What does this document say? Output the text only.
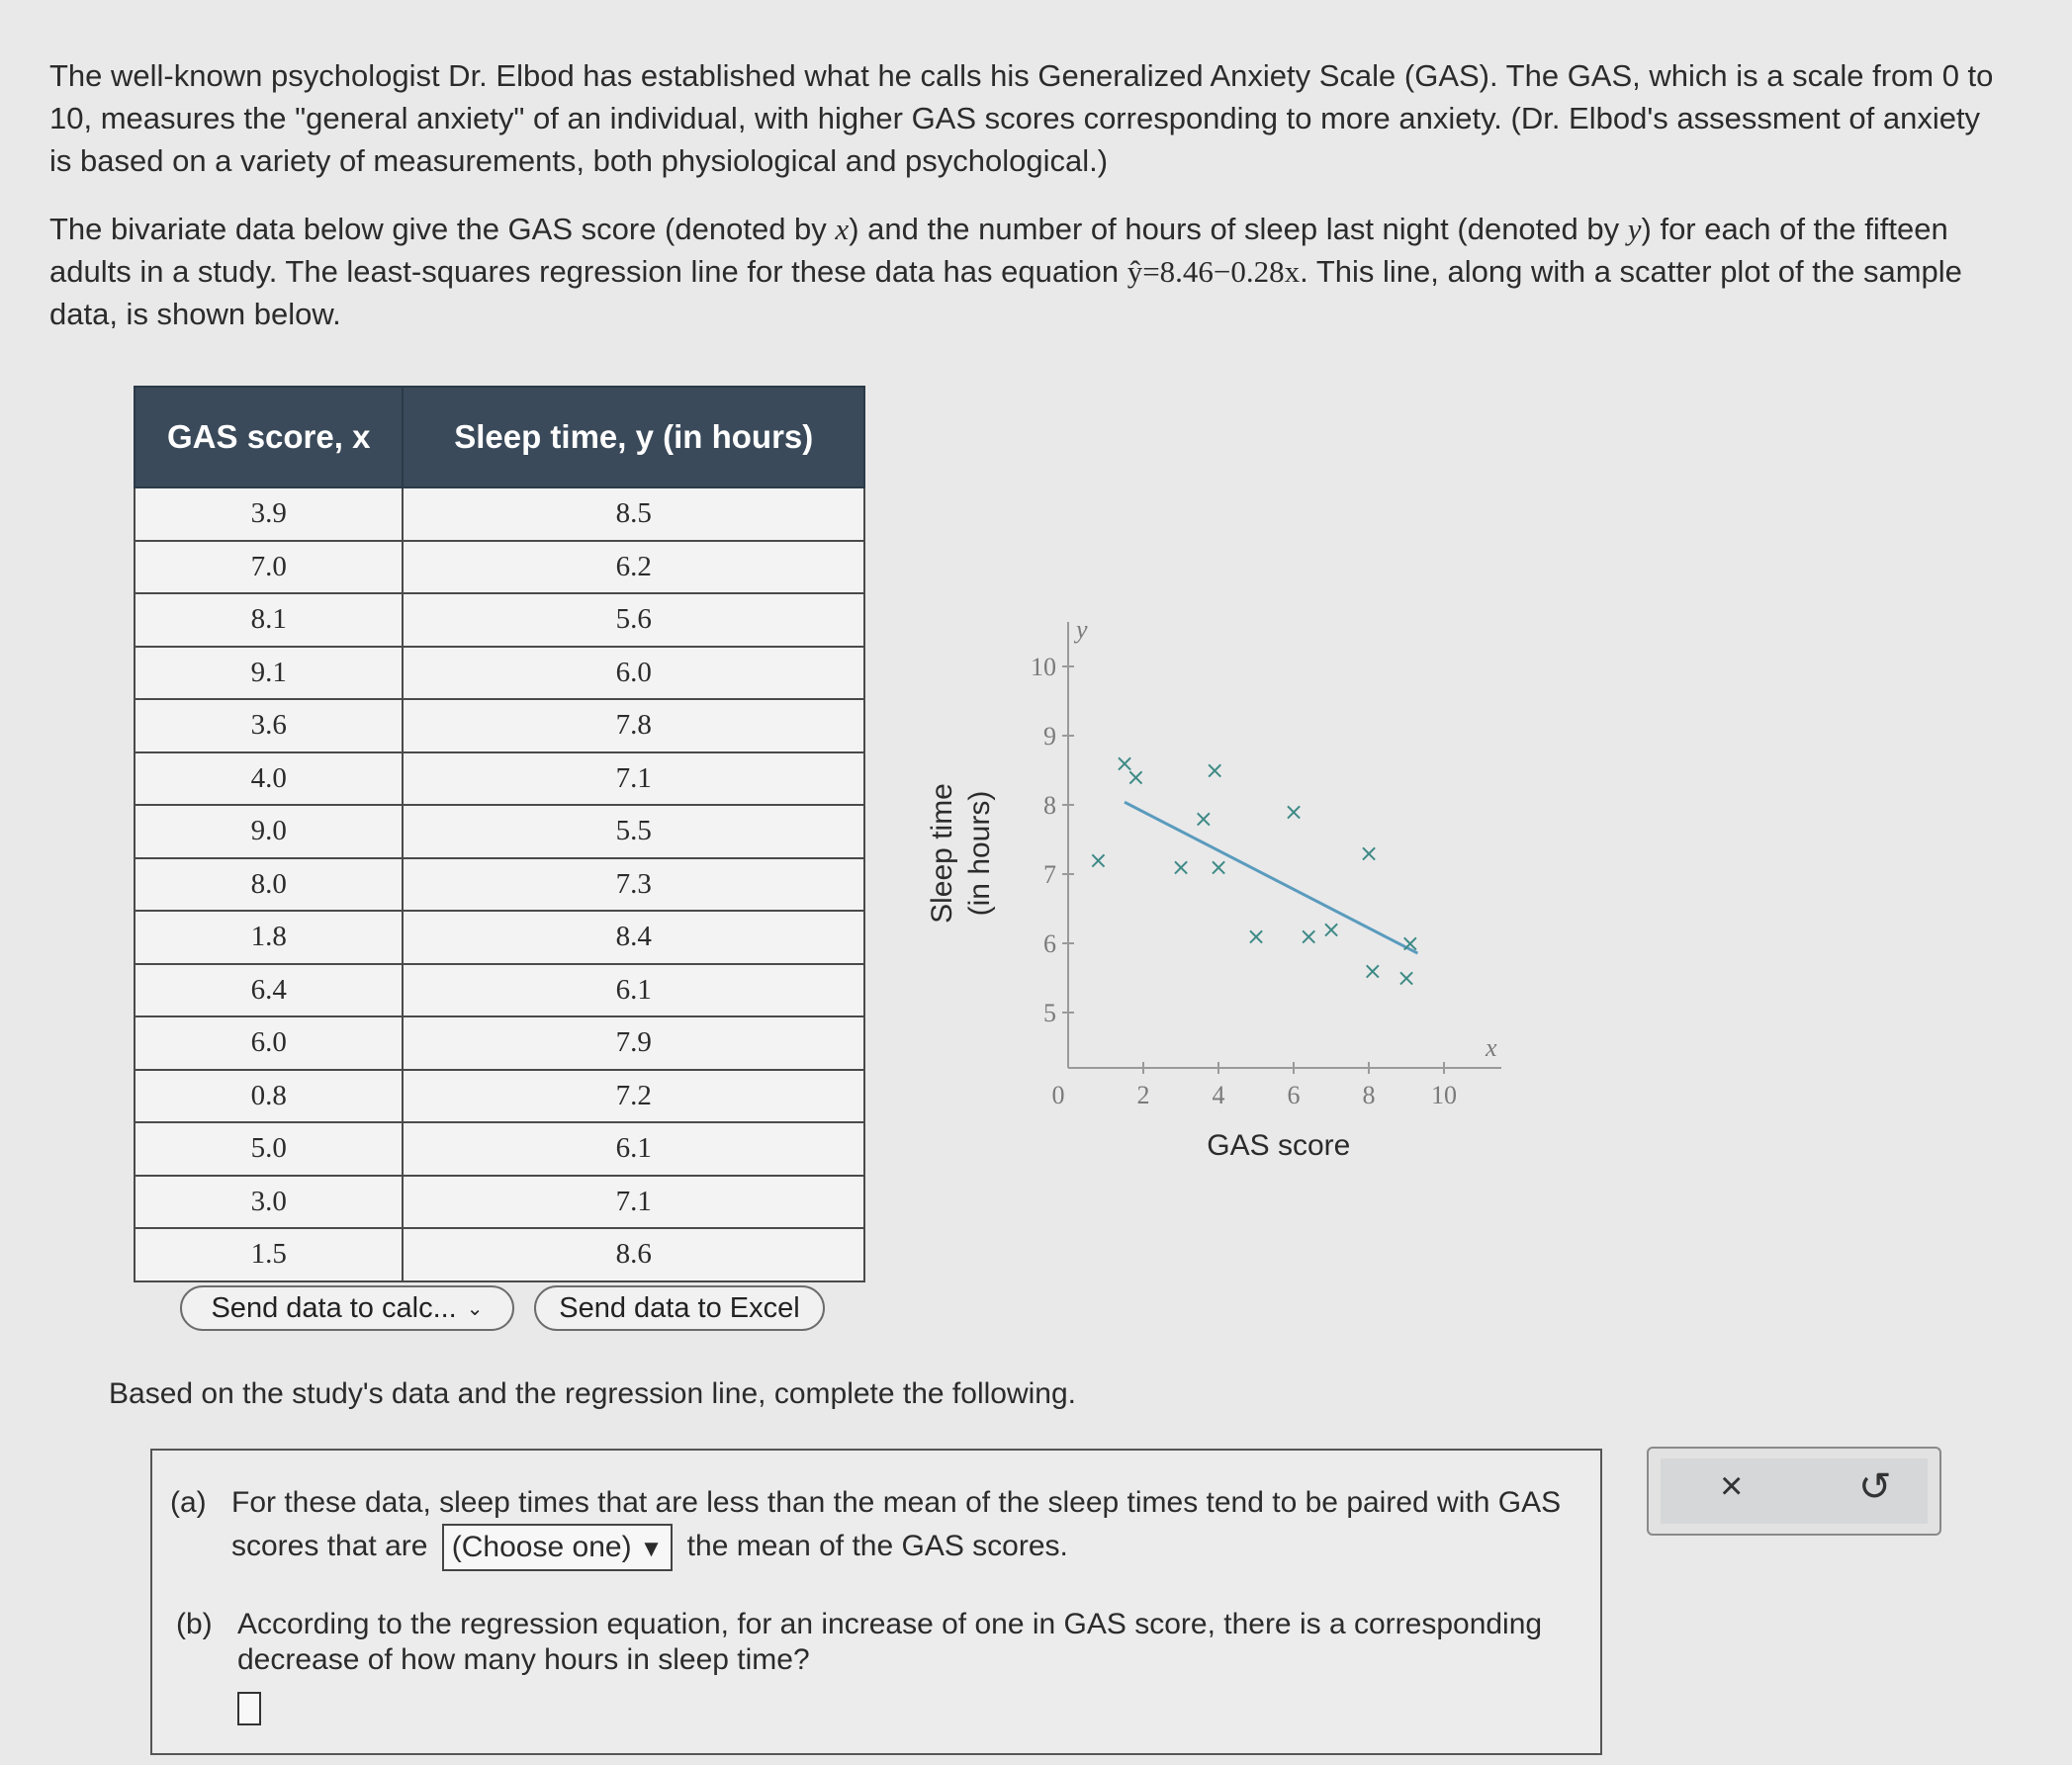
The well-known psychologist Dr. Elbod has established what he calls his Generalized Anxiety Scale (GAS). The GAS, which is a scale from 0 to 10, measures the "general anxiety" of an individual, with higher GAS scores corresponding to more anxiety. (Dr. Elbod's assessment of anxiety is based on a variety of measurements, both physiological and psychological.)

The bivariate data below give the GAS score (denoted by x) and the number of hours of sleep last night (denoted by y) for each of the fifteen adults in a study. The least-squares regression line for these data has equation ŷ=8.46−0.28x. This line, along with a scatter plot of the sample data, is shown below.

GAS score, x	Sleep time, y (in hours)
3.9	8.5
7.0	6.2
8.1	5.6
9.1	6.0
3.6	7.8
4.0	7.1
9.0	5.5
8.0	7.3
1.8	8.4
6.4	6.1
6.0	7.9
0.8	7.2
5.0	6.1
3.0	7.1
1.5	8.6
Send data to calc... ⌄	Send data to Excel
y
x
5
6
7
8
9
10
0	2 4 6 8 10
×
×
×
×
×
×
×
×
×
×
×
×
×
×
×
GAS score
Sleep time (in hours)

Based on the study's data and the regression line, complete the following.

(a) For these data, sleep times that are less than the mean of the sleep times tend to be paired with GAS scores that are (Choose one) ▼ the mean of the GAS scores.
(b) According to the regression equation, for an increase of one in GAS score, there is a corresponding decrease of how many hours in sleep time?
×	↺
